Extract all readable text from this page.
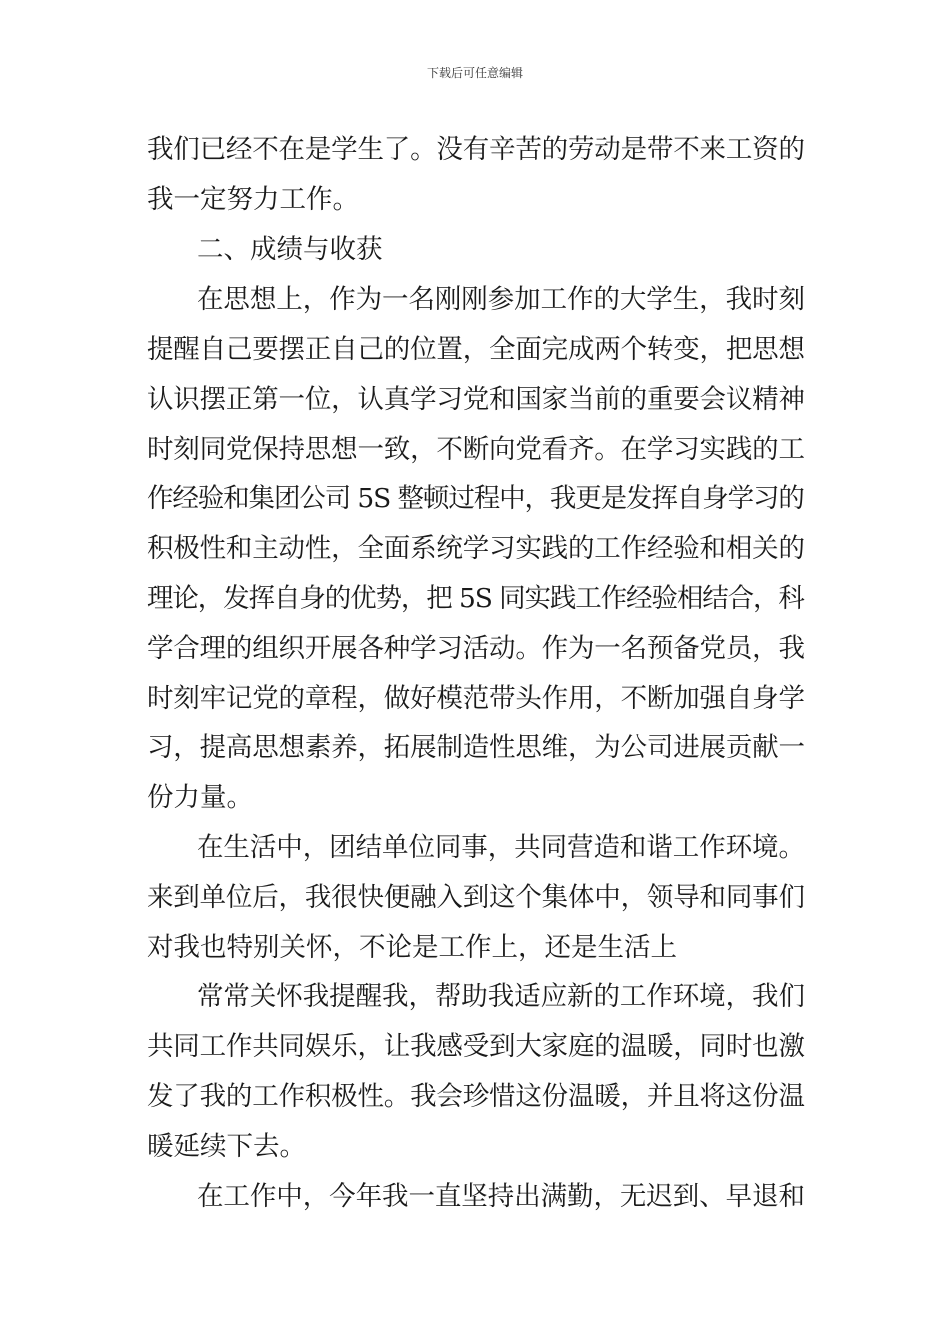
下载后可任意编辑
我们已经不在是学生了。没有辛苦的劳动是带不来工资的
我一定努力工作。
二、成绩与收获
在思想上，作为一名刚刚参加工作的大学生，我时刻
提醒自己要摆正自己的位置，全面完成两个转变，把思想
认识摆正第一位，认真学习党和国家当前的重要会议精神
时刻同党保持思想一致，不断向党看齐。在学习实践的工
作经验和集团公司 5S 整顿过程中，我更是发挥自身学习的
积极性和主动性，全面系统学习实践的工作经验和相关的
理论，发挥自身的优势，把 5S 同实践工作经验相结合，科
学合理的组织开展各种学习活动。作为一名预备党员，我
时刻牢记党的章程，做好模范带头作用，不断加强自身学
习，提高思想素养，拓展制造性思维，为公司进展贡献一
份力量。
在生活中，团结单位同事，共同营造和谐工作环境。
来到单位后，我很快便融入到这个集体中，领导和同事们
对我也特别关怀，不论是工作上，还是生活上
常常关怀我提醒我，帮助我适应新的工作环境，我们
共同工作共同娱乐，让我感受到大家庭的温暖，同时也激
发了我的工作积极性。我会珍惜这份温暖，并且将这份温
暖延续下去。
在工作中，今年我一直坚持出满勤，无迟到、早退和
